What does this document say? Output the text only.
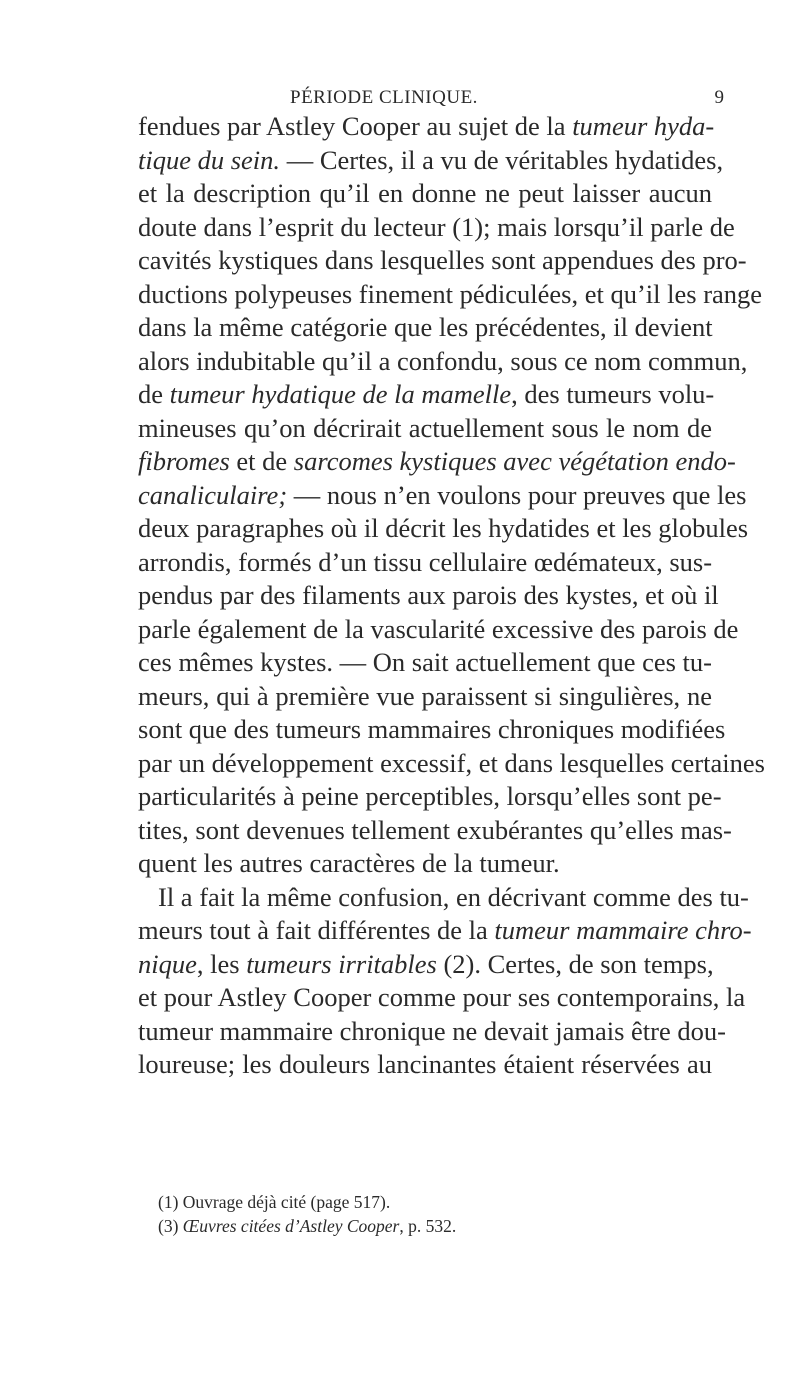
PÉRIODE CLINIQUE.	9
fendues par Astley Cooper au sujet de la tumeur hyda-
tique du sein. — Certes, il a vu de véritables hydatides,
et la description qu’il en donne ne peut laisser aucun
doute dans l’esprit du lecteur (1); mais lorsqu’il parle de
cavités kystiques dans lesquelles sont appendues des pro-
ductions polypeuses finement pédiculées, et qu’il les range
dans la même catégorie que les précédentes, il devient
alors indubitable qu’il a confondu, sous ce nom commun,
de tumeur hydatique de la mamelle, des tumeurs volu-
mineuses qu’on décrirait actuellement sous le nom de
fibromes et de sarcomes kystiques avec végétation endo-
canaliculaire; — nous n’en voulons pour preuves que les
deux paragraphes où il décrit les hydatides et les globules
arrondis, formés d’un tissu cellulaire œdémateux, sus-
pendus par des filaments aux parois des kystes, et où il
parle également de la vascularité excessive des parois de
ces mêmes kystes. — On sait actuellement que ces tu-
meurs, qui à première vue paraissent si singulières, ne
sont que des tumeurs mammaires chroniques modifiées
par un développement excessif, et dans lesquelles certaines
particularités à peine perceptibles, lorsqu’elles sont pe-
tites, sont devenues tellement exubérantes qu’elles mas-
quent les autres caractères de la tumeur.
Il a fait la même confusion, en décrivant comme des tu-
meurs tout à fait différentes de la tumeur mammaire chro-
nique, les tumeurs irritables (2). Certes, de son temps,
et pour Astley Cooper comme pour ses contemporains, la
tumeur mammaire chronique ne devait jamais être dou-
loureuse; les douleurs lancinantes étaient réservées au
(1) Ouvrage déjà cité (page 517).
(3) Œuvres citées d’Astley Cooper, p. 532.
